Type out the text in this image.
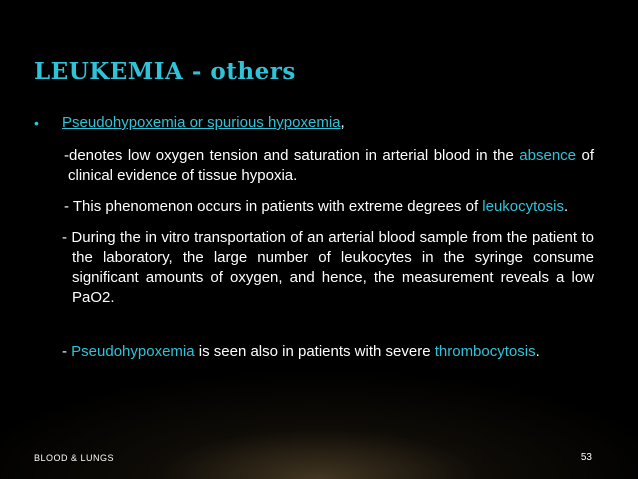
LEUKEMIA - others
• Pseudohypoxemia or spurious hypoxemia,
-denotes low oxygen tension and saturation in arterial blood in the absence of clinical evidence of tissue hypoxia.
- This phenomenon occurs in patients with extreme degrees of leukocytosis.
- During the in vitro transportation of an arterial blood sample from the patient to the laboratory, the large number of leukocytes in the syringe consume significant amounts of oxygen, and hence, the measurement reveals a low PaO2.
- Pseudohypoxemia is seen also in patients with severe thrombocytosis.
BLOOD & LUNGS	53
